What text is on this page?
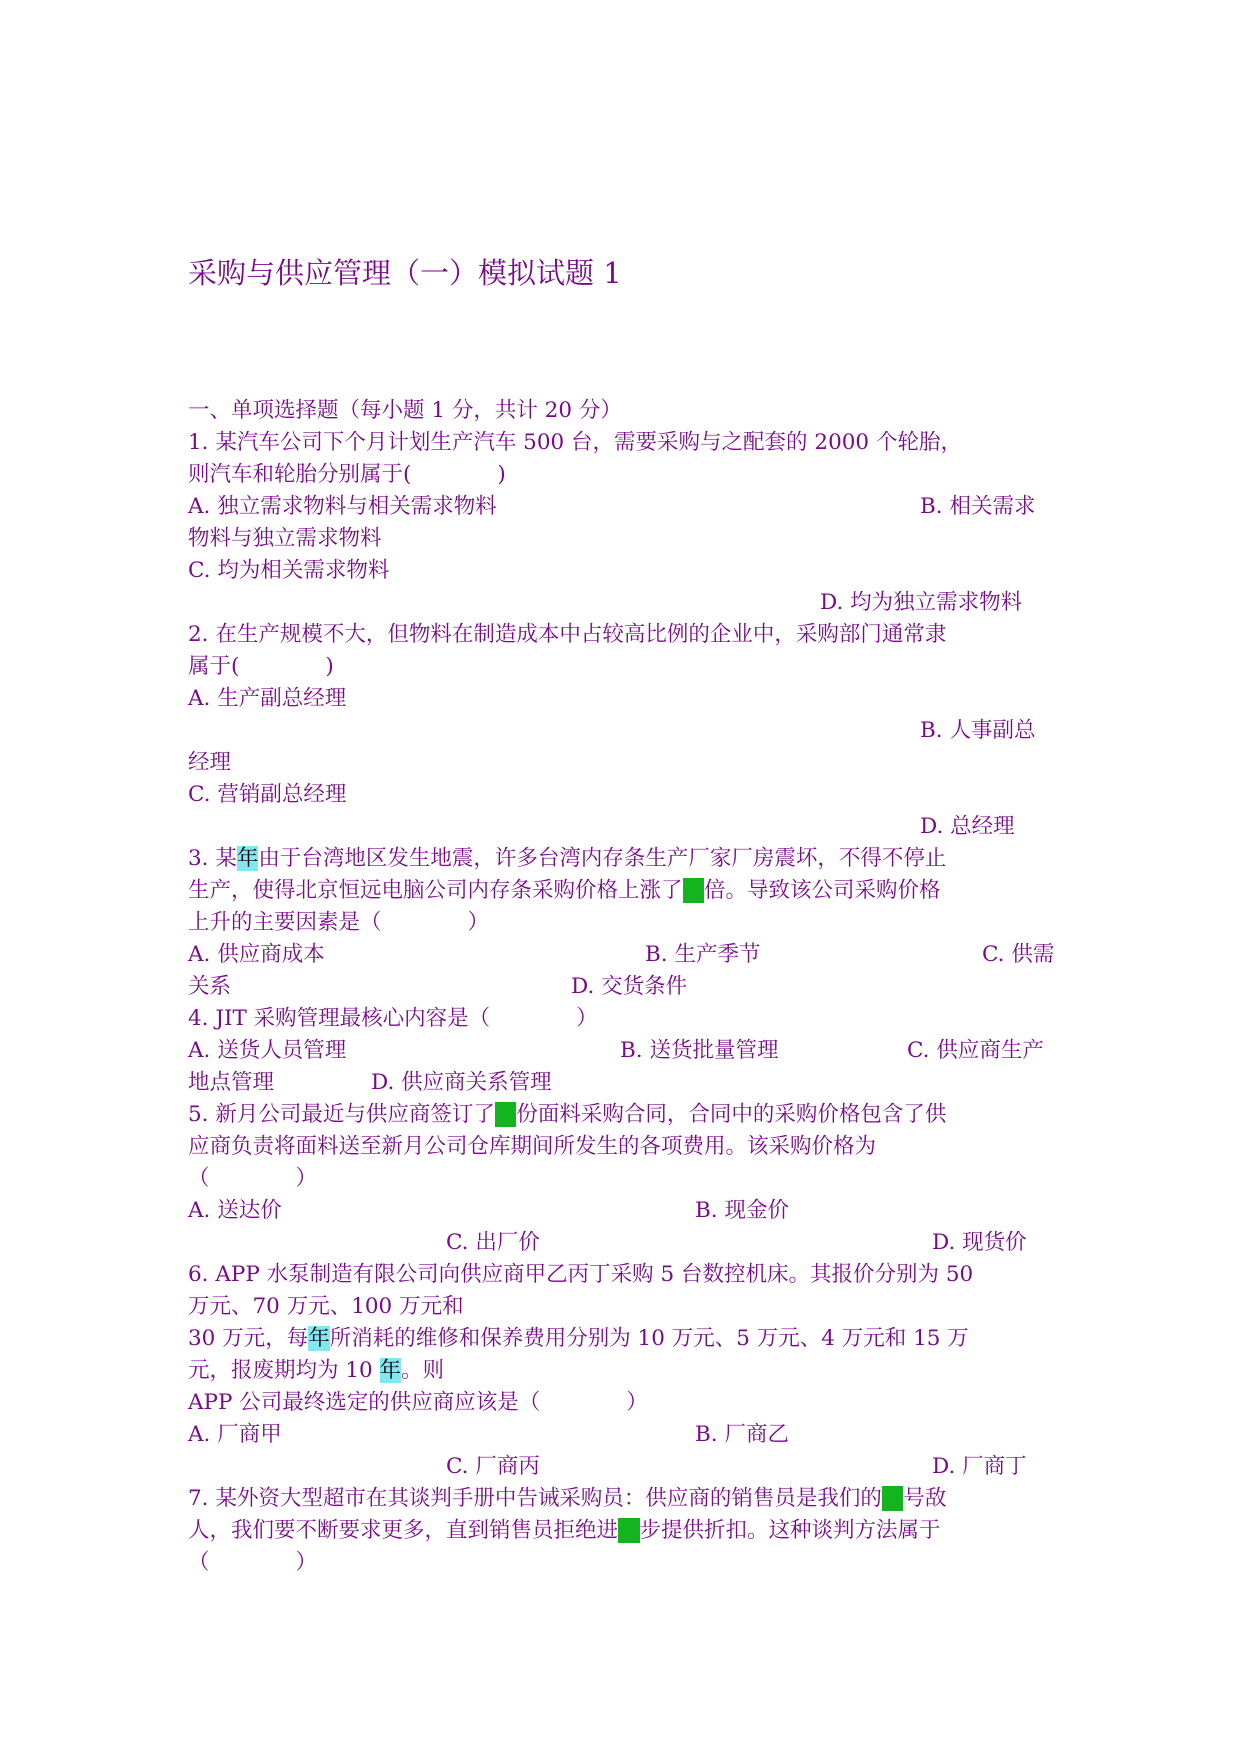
采购与供应管理（一）模拟试题 1
一、单项选择题（每小题 1 分，共计 20 分）
1. 某汽车公司下个月计划生产汽车 500 台，需要采购与之配套的 2000 个轮胎，
则汽车和轮胎分别属于(　　　　)
A. 独立需求物料与相关需求物料	B. 相关需求
物料与独立需求物料
C. 均为相关需求物料
D. 均为独立需求物料
2. 在生产规模不大，但物料在制造成本中占较高比例的企业中，采购部门通常隶
属于(　　　　)
A. 生产副总经理
B. 人事副总
经理
C. 营销副总经理
D. 总经理
3. 某年由于台湾地区发生地震，许多台湾内存条生产厂家厂房震坏，不得不停止
生产，使得北京恒远电脑公司内存条采购价格上涨了一倍。导致该公司采购价格
上升的主要因素是（　　　　）
A. 供应商成本	B. 生产季节	C. 供需
关系	D. 交货条件
4. JIT 采购管理最核心内容是（　　　　）
A. 送货人员管理	B. 送货批量管理	C. 供应商生产
地点管理	D. 供应商关系管理
5. 新月公司最近与供应商签订了一份面料采购合同，合同中的采购价格包含了供
应商负责将面料送至新月公司仓库期间所发生的各项费用。该采购价格为
（　　　　）
A. 送达价	B. 现金价
C. 出厂价	D. 现货价
6. APP 水泵制造有限公司向供应商甲乙丙丁采购 5 台数控机床。其报价分别为 50
万元、70 万元、100 万元和
30 万元，每年所消耗的维修和保养费用分别为 10 万元、5 万元、4 万元和 15 万
元，报废期均为 10 年。则
APP 公司最终选定的供应商应该是（　　　　）
A. 厂商甲	B. 厂商乙
C. 厂商丙	D. 厂商丁
7. 某外资大型超市在其谈判手册中告诫采购员：供应商的销售员是我们的一号敌
人，我们要不断要求更多，直到销售员拒绝进一步提供折扣。这种谈判方法属于
（　　　　）
